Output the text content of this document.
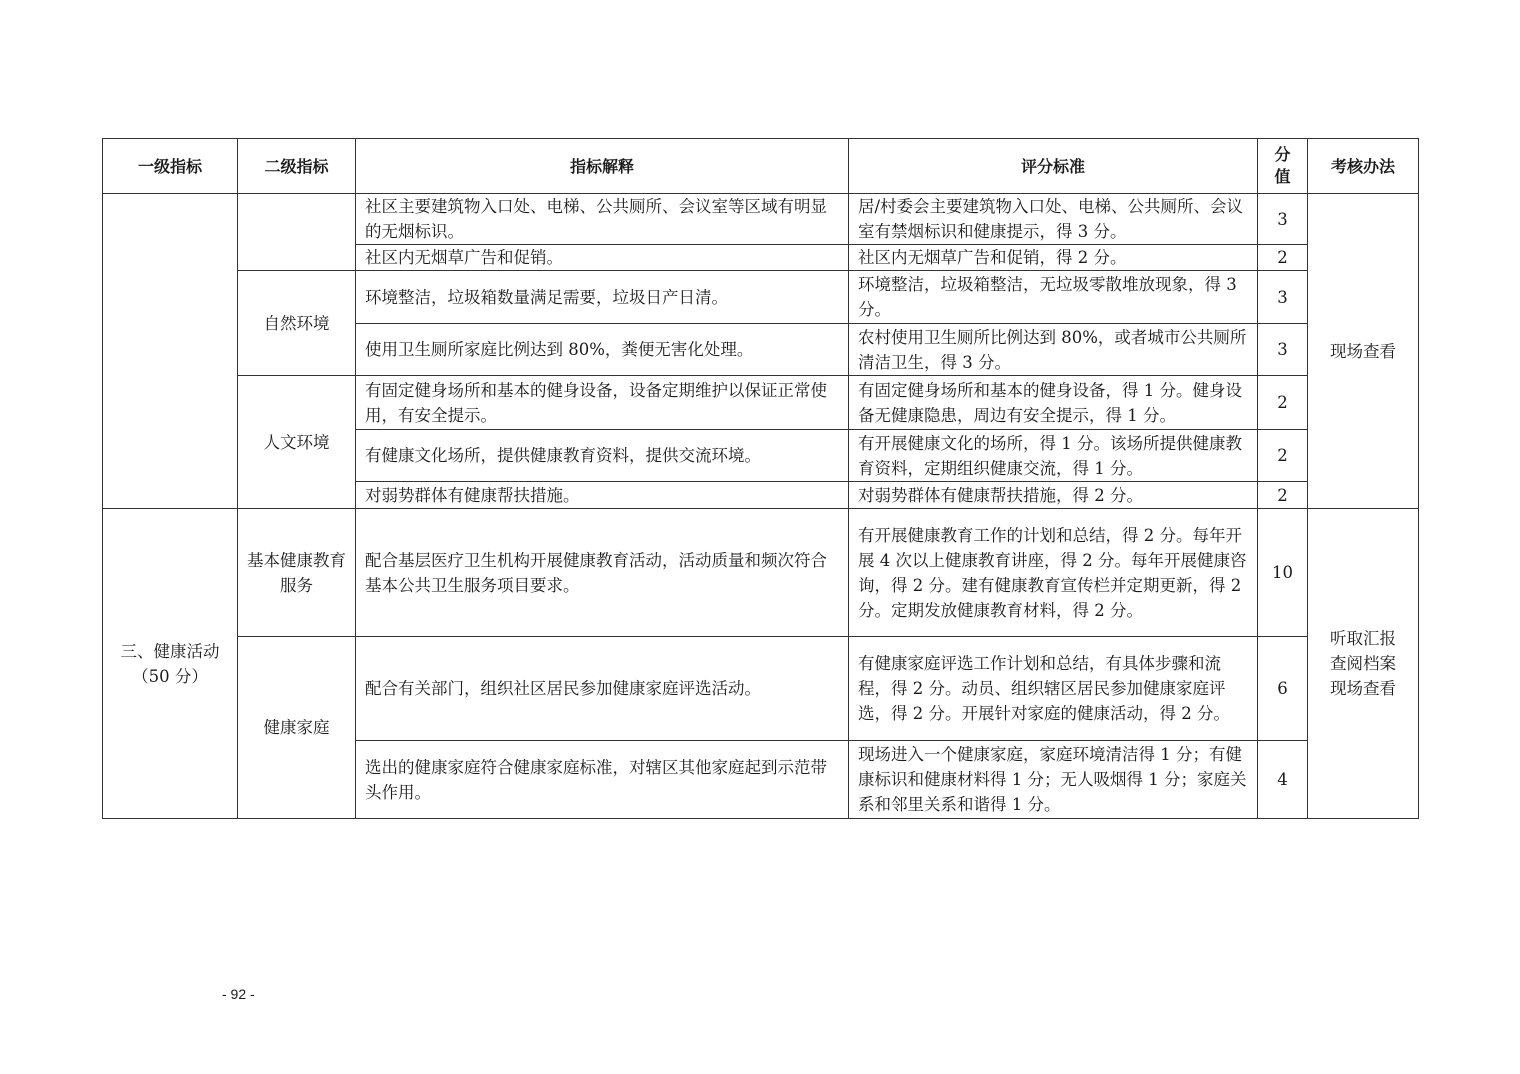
一级指标	二级指标	指标解释	评分标准	分值	考核办法
		社区主要建筑物入口处、电梯、公共厕所、会议室等区域有明显的无烟标识。	居/村委会主要建筑物入口处、电梯、公共厕所、会议室有禁烟标识和健康提示，得 3 分。	3	现场查看
		社区内无烟草广告和促销。	社区内无烟草广告和促销，得 2 分。	2	
	自然环境	环境整洁，垃圾箱数量满足需要，垃圾日产日清。	环境整洁，垃圾箱整洁，无垃圾零散堆放现象，得 3 分。	3	
		使用卫生厕所家庭比例达到 80%，粪便无害化处理。	农村使用卫生厕所比例达到 80%，或者城市公共厕所清洁卫生，得 3 分。	3	
	人文环境	有固定健身场所和基本的健身设备，设备定期维护以保证正常使用，有安全提示。	有固定健身场所和基本的健身设备，得 1 分。健身设备无健康隐患，周边有安全提示，得 1 分。	2	
		有健康文化场所，提供健康教育资料，提供交流环境。	有开展健康文化的场所，得 1 分。该场所提供健康教育资料，定期组织健康交流，得 1 分。	2	
		对弱势群体有健康帮扶措施。	对弱势群体有健康帮扶措施，得 2 分。	2	
三、健康活动（50 分）	基本健康教育服务	配合基层医疗卫生机构开展健康教育活动，活动质量和频次符合基本公共卫生服务项目要求。	有开展健康教育工作的计划和总结，得 2 分。每年开展 4 次以上健康教育讲座，得 2 分。每年开展健康咨询，得 2 分。建有健康教育宣传栏并定期更新，得 2 分。定期发放健康教育材料，得 2 分。	10	听取汇报查阅档案现场查看
	健康家庭	配合有关部门，组织社区居民参加健康家庭评选活动。	有健康家庭评选工作计划和总结，有具体步骤和流程，得 2 分。动员、组织辖区居民参加健康家庭评选，得 2 分。开展针对家庭的健康活动，得 2 分。	6	
		选出的健康家庭符合健康家庭标准，对辖区其他家庭起到示范带头作用。	现场进入一个健康家庭，家庭环境清洁得 1 分；有健康标识和健康材料得 1 分；无人吸烟得 1 分；家庭关系和邻里关系和谐得 1 分。	4	
- 92 -
